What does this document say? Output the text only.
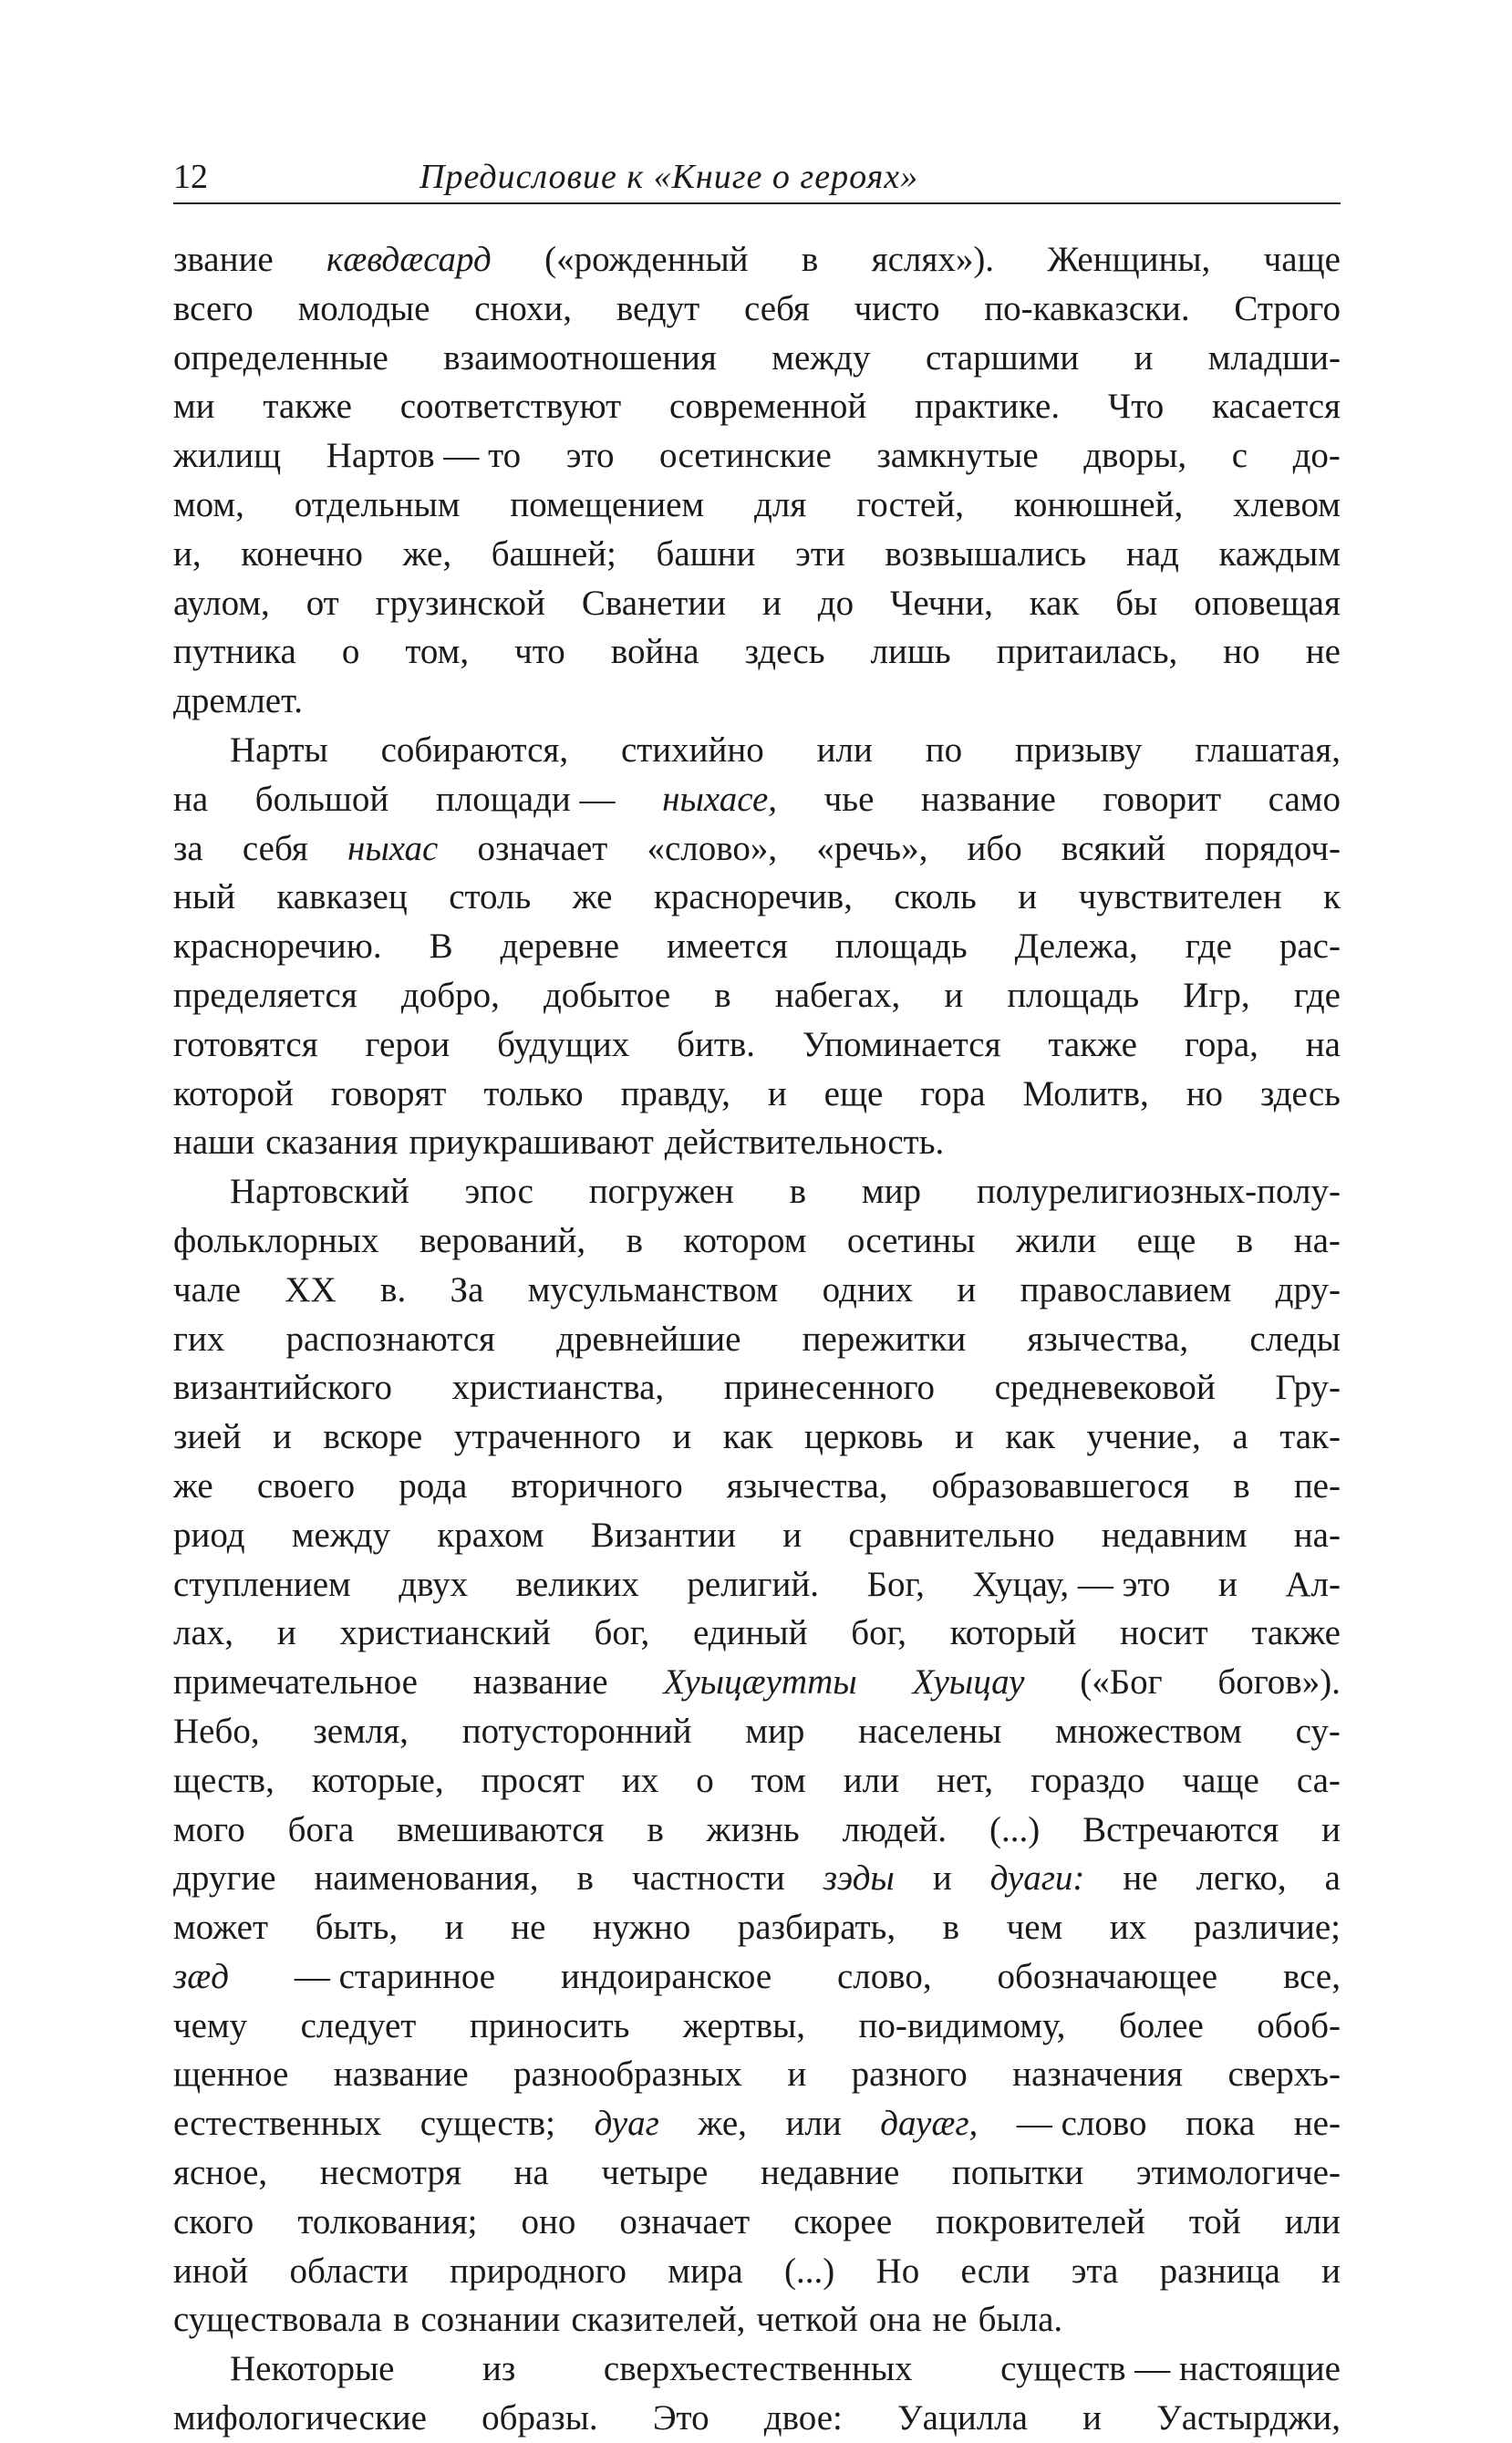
12	Предисловие к «Книге о героях»
звание кæвдæсард («рожденный в яслях»). Женщины, чаще
всего молодые снохи, ведут себя чисто по-кавказски. Строго
определенные взаимоотношения между старшими и младши-
ми также соответствуют современной практике. Что касается
жилищ Нартов — то это осетинские замкнутые дворы, с до-
мом, отдельным помещением для гостей, конюшней, хлевом
и, конечно же, башней; башни эти возвышались над каждым
аулом, от грузинской Сванетии и до Чечни, как бы оповещая
путника о том, что война здесь лишь притаилась, но не
дремлет.
Нарты собираются, стихийно или по призыву глашатая,
на большой площади — ныхасе, чье название говорит само
за себя ныхас означает «слово», «речь», ибо всякий порядоч-
ный кавказец столь же красноречив, сколь и чувствителен к
красноречию. В деревне имеется площадь Дележа, где рас-
пределяется добро, добытое в набегах, и площадь Игр, где
готовятся герои будущих битв. Упоминается также гора, на
которой говорят только правду, и еще гора Молитв, но здесь
наши сказания приукрашивают действительность.
Нартовский эпос погружен в мир полурелигиозных-полу-
фольклорных верований, в котором осетины жили еще в на-
чале XX в. За мусульманством одних и православием дру-
гих распознаются древнейшие пережитки язычества, следы
византийского христианства, принесенного средневековой Гру-
зией и вскоре утраченного и как церковь и как учение, а так-
же своего рода вторичного язычества, образовавшегося в пе-
риод между крахом Византии и сравнительно недавним на-
ступлением двух великих религий. Бог, Хуцау, — это и Ал-
лах, и христианский бог, единый бог, который носит также
примечательное название Хуыцæутты Хуыцау («Бог богов»).
Небо, земля, потусторонний мир населены множеством су-
ществ, которые, просят их о том или нет, гораздо чаще са-
мого бога вмешиваются в жизнь людей. (...) Встречаются и
другие наименования, в частности зэды и дуаги: не легко, а
может быть, и не нужно разбирать, в чем их различие;
зæд — старинное индоиранское слово, обозначающее все,
чему следует приносить жертвы, по-видимому, более обоб-
щенное название разнообразных и разного назначения сверхъ-
естественных существ; дуаг же, или дауæг, — слово пока не-
ясное, несмотря на четыре недавние попытки этимологиче-
ского толкования; оно означает скорее покровителей той или
иной области природного мира (...) Но если эта разница и
существовала в сознании сказителей, четкой она не была.
Некоторые из сверхъестественных существ — настоящие
мифологические образы. Это двое: Уацилла и Уастырджи,
